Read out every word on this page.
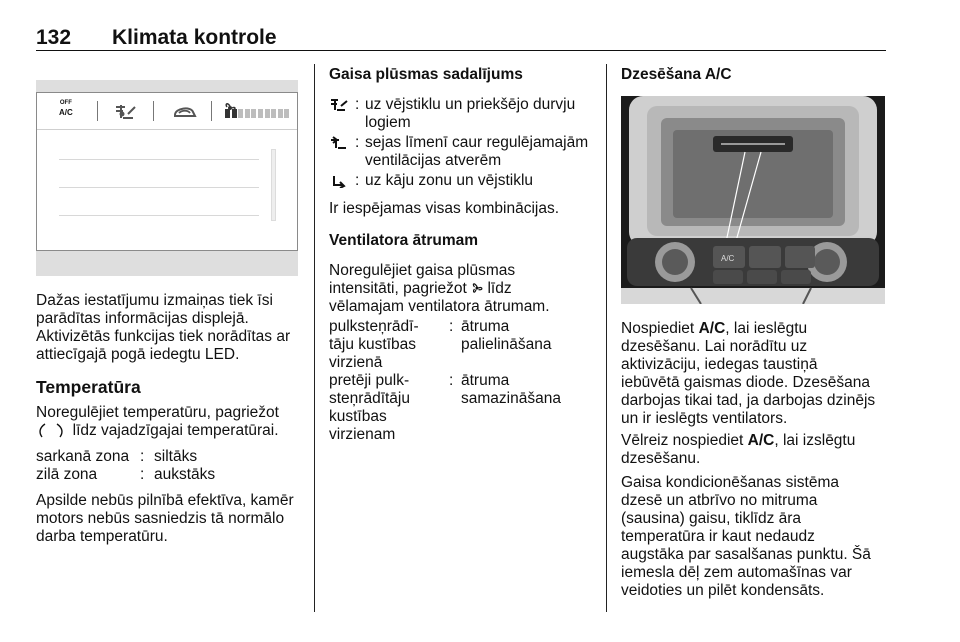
132 Klimata kontrole
OFF
A/C

Dažas iestatījumu izmaiņas tiek īsi
parādītas informācijas displejā.
Aktivizētās funkcijas tiek norādītas ar
attiecīgajā pogā iedegtu LED.

Temperatūra

Noregulējiet temperatūru, pagriežot
līdz vajadzīgajai temperatūrai.

sarkanā zona : siltāks
zilā zona	: aukstāks
Apsilde nebūs pilnībā efektīva, kamēr
motors nebūs sasniedzis tā normālo
darba temperatūru.
Gaisa plūsmas sadalījums
: uz vējstiklu un priekšējo durvju
logiem
: sejas līmenī caur regulējamajām
ventilācijas atverēm
: uz kāju zonu un vējstiklu

Ir iespējamas visas kombinācijas.

Ventilatora ātrumam

Noregulējiet gaisa plūsmas
intensitāti, pagriežot līdz
vēlamajam ventilatora ātrumam.

pulksteņrādī-
tāju kustības
virzienā
: ātruma
palielināšana
pretēji pulk-
steņrādītāju
kustības
virzienam
: ātruma
samazināšana
Dzesēšana A/C
A/C

Nospiediet A/C, lai ieslēgtu
dzesēšanu. Lai norādītu uz
aktivizāciju, iedegas taustiņā
iebūvētā gaismas diode. Dzesēšana
darbojas tikai tad, ja darbojas dzinējs
un ir ieslēgts ventilators.

Vēlreiz nospiediet A/C, lai izslēgtu
dzesēšanu.

Gaisa kondicionēšanas sistēma
dzesē un atbrīvo no mitruma
(sausina) gaisu, tiklīdz āra
temperatūra ir kaut nedaudz
augstāka par sasalšanas punktu. Šā
iemesla dēļ zem automašīnas var
veidoties un pilēt kondensāts.
